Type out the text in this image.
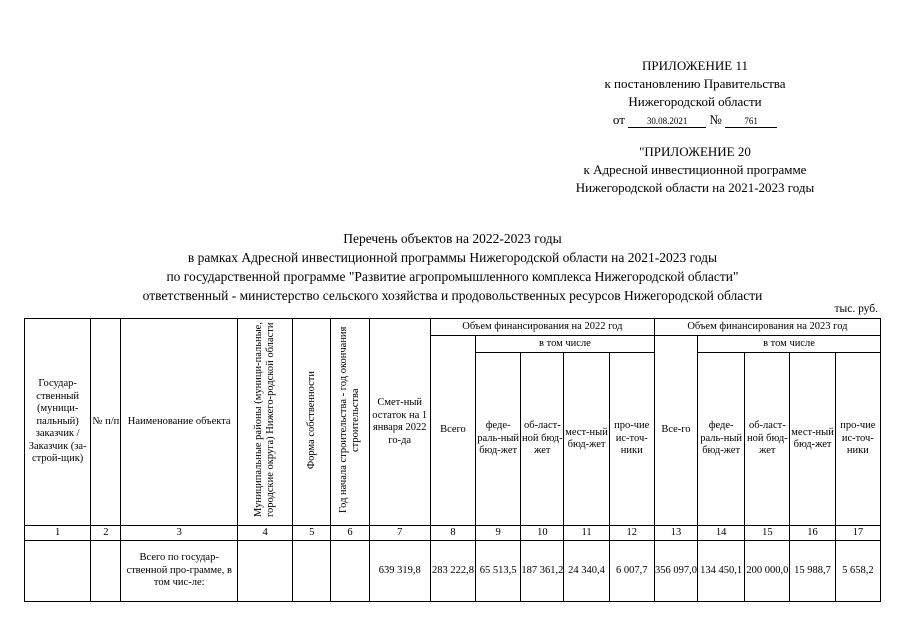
ПРИЛОЖЕНИЕ 11
к постановлению Правительства
Нижегородской области
от 30.08.2021 №	761
"ПРИЛОЖЕНИЕ 20
к Адресной инвестиционной программе
Нижегородской области на 2021-2023 годы
Перечень объектов на 2022-2023 годы
в рамках Адресной инвестиционной программы Нижегородской области на 2021-2023 годы
по государственной программе "Развитие агропромышленного комплекса Нижегородской области"
ответственный - министерство сельского хозяйства и продовольственных ресурсов Нижегородской области
тыс. руб.
Государ-ственный (муници-пальный) заказчик / Заказчик (за-строй-щик)	№ п/п	Наименование объекта	Муниципальные районы (муници-пальные, городские округа) Нижего-родской области	Форма собственности	Год начала строительства - год окончания строительства	Смет-ный остаток на 1 января 2022 го-да	Объем финансирования на 2022 год					Объем финансирования на 2023 год				
							Всего	в том числе				Все-го	в том числе			
								феде-раль-ный бюд-жет	об-ласт-ной бюд-жет	мест-ный бюд-жет	про-чие ис-точ-ники		феде-раль-ный бюд-жет	об-ласт-ной бюд-жет	мест-ный бюд-жет	про-чие ис-точ-ники
1	2	3	4	5	6	7	8	9	10	11	12	13	14	15	16	17
		Всего по государ-ственной про-грамме, в том чис-ле:				639 319,8	283 222,8	65 513,5	187 361,2	24 340,4	6 007,7	356 097,0	134 450,1	200 000,0	15 988,7	5 658,2
